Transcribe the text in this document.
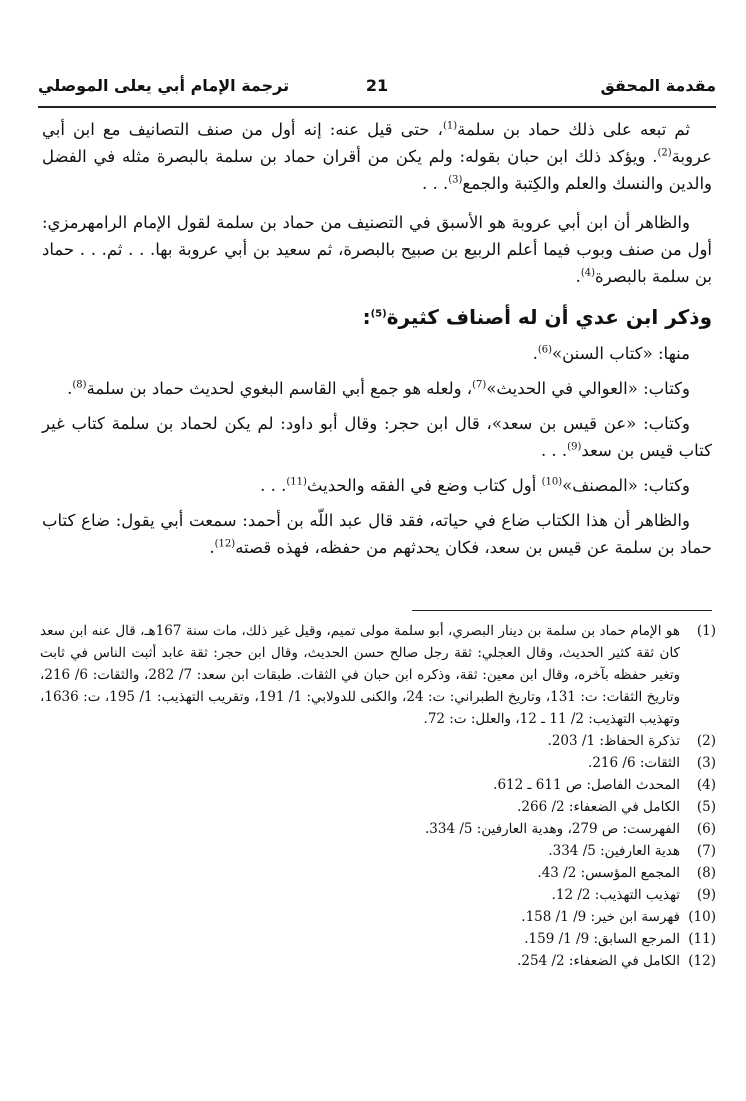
مقدمة المحقق
21
ترجمة الإمام أبي يعلى الموصلي

ثم تبعه على ذلك حماد بن سلمة$^{(1)}$، حتى قيل عنه: إنه أول من صنف التصانيف مع ابن أبي عروبة$^{(2)}$. ويؤكد ذلك ابن حبان بقوله: ولم يكن من أقران حماد بن سلمة بالبصرة مثله في الفضل والدين والنسك والعلم والكِتبة والجمع$^{(3)}$. . .

والظاهر أن ابن أبي عروبة هو الأسبق في التصنيف من حماد بن سلمة لقول الإمام الرامهرمزي: أول من صنف وبوب فيما أعلم الربيع بن صبيح بالبصرة، ثم سعيد بن أبي عروبة بها. . . ثم. . . حماد بن سلمة بالبصرة$^{(4)}$.

وذكر ابن عدي أن له أصناف كثيرة$^{(5)}$:

منها: «كتاب السنن»$^{(6)}$.

وكتاب: «العوالي في الحديث»$^{(7)}$، ولعله هو جمع أبي القاسم البغوي لحديث حماد بن سلمة$^{(8)}$.

وكتاب: «عن قيس بن سعد»، قال ابن حجر: وقال أبو داود: لم يكن لحماد بن سلمة كتاب غير كتاب قيس بن سعد$^{(9)}$. . .

وكتاب: «المصنف»$^{(10)}$ أول كتاب وضع في الفقه والحديث$^{(11)}$. . .

والظاهر أن هذا الكتاب ضاع في حياته، فقد قال عبد اللّه بن أحمد: سمعت أبي يقول: ضاع كتاب حماد بن سلمة عن قيس بن سعد، فكان يحدثهم من حفظه، فهذه قصته$^{(12)}$.

(1)
هو الإمام حماد بن سلمة بن دينار البصري، أبو سلمة مولى تميم، وقيل غير ذلك، مات سنة 167هـ، قال عنه ابن سعد كان ثقة كثير الحديث، وقال العجلي: ثقة رجل صالح حسن الحديث، وقال ابن حجر: ثقة عابد أثبت الناس في ثابت وتغير حفظه بآخره، وقال ابن معين: ثقة، وذكره ابن حبان في الثقات. طبقات ابن سعد: 7/ 282، والثقات: 6/ 216، وتاريخ الثقات: ت: 131، وتاريخ الطبراني: ت: 24، والكنى للدولابي: 1/ 191، وتقريب التهذيب: 1/ 195، ت: 1636، وتهذيب التهذيب: 2/ 11 ـ 12، والعلل: ت: 72.
(2)
تذكرة الحفاظ: 1/ 203.
(3)
الثقات: 6/ 216.
(4)
المحدث الفاصل: ص 611 ـ 612.
(5)
الكامل في الضعفاء: 2/ 266.
(6)
الفهرست: ص 279، وهدية العارفين: 5/ 334.
(7)
هدية العارفين: 5/ 334.
(8)
المجمع المؤسس: 2/ 43.
(9)
تهذيب التهذيب: 2/ 12.
(10)
فهرسة ابن خير: 9/ 1/ 158.
(11)
المرجع السابق: 9/ 1/ 159.
(12)
الكامل في الضعفاء: 2/ 254.
